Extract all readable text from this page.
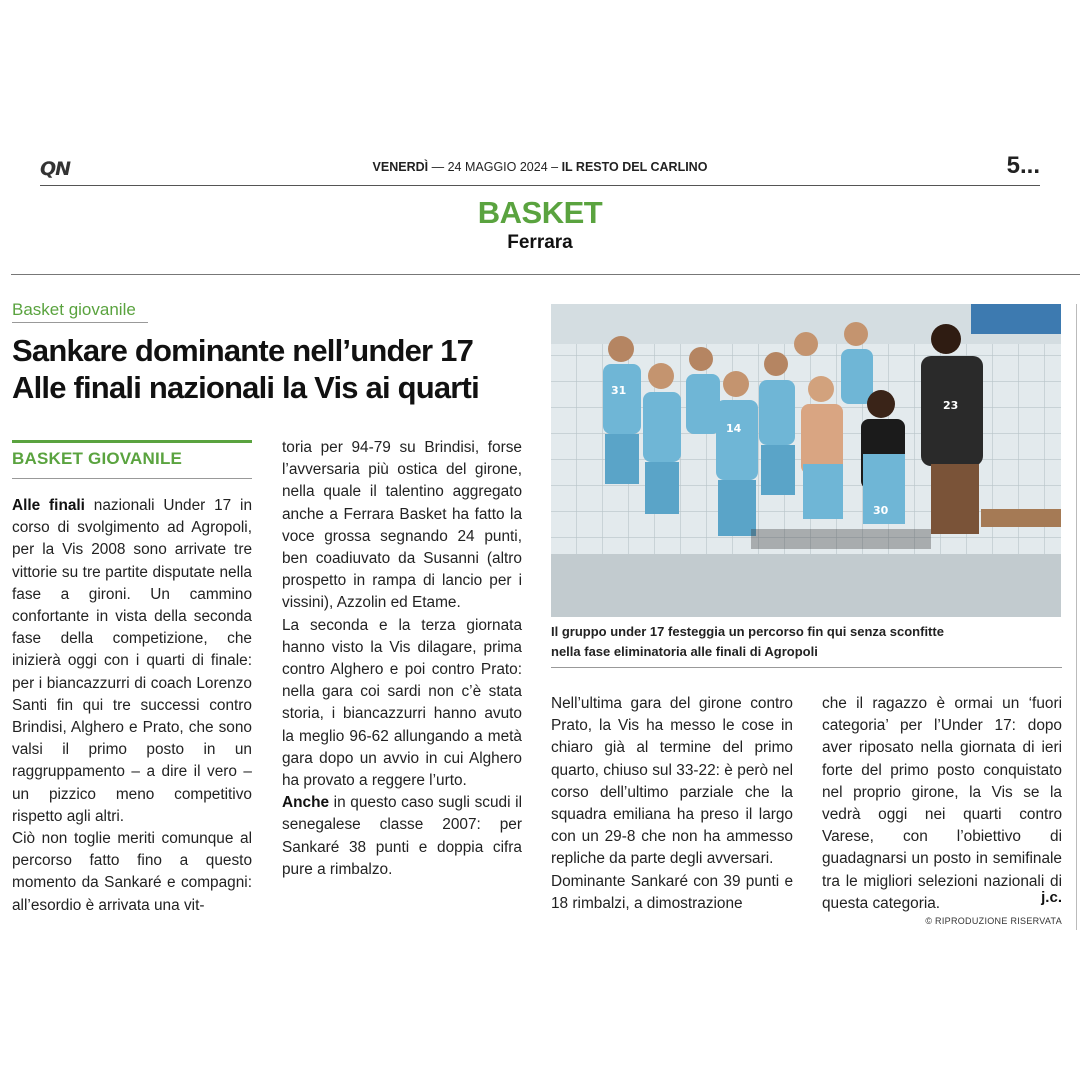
QN	VENERDÌ — 24 MAGGIO 2024 – IL RESTO DEL CARLINO	5...
BASKET
Ferrara
Basket giovanile
Sankare dominante nell’under 17
Alle finali nazionali la Vis ai quarti	31
14
30
23
Il gruppo under 17 festeggia un percorso fin qui senza sconfitte
nella fase eliminatoria alle finali di Agropoli
BASKET GIOVANILE

Alle finali nazionali Under 17 in corso di svolgimento ad Agropoli, per la Vis 2008 sono arrivate tre vittorie su tre partite disputate nella fase a gironi. Un cammino confortante in vista della seconda fase della competizione, che inizierà oggi con i quarti di finale: per i biancazzurri di coach Lorenzo Santi fin qui tre successi contro Brindisi, Alghero e Prato, che sono valsi il primo posto in un raggruppamento – a dire il vero – un pizzico meno competitivo rispetto agli altri.

Ciò non toglie meriti comunque al percorso fatto fino a questo momento da Sankaré e compagni: all’esordio è arrivata una vit-

toria per 94-79 su Brindisi, forse l’avversaria più ostica del girone, nella quale il talentino aggregato anche a Ferrara Basket ha fatto la voce grossa segnando 24 punti, ben coadiuvato da Susanni (altro prospetto in rampa di lancio per i vissini), Azzolin ed Etame.

La seconda e la terza giornata hanno visto la Vis dilagare, prima contro Alghero e poi contro Prato: nella gara coi sardi non c’è stata storia, i biancazzurri hanno avuto la meglio 96-62 allungando a metà gara dopo un avvio in cui Alghero ha provato a reggere l’urto.

Anche in questo caso sugli scudi il senegalese classe 2007: per Sankaré 38 punti e doppia cifra pure a rimbalzo.

Nell’ultima gara del girone contro Prato, la Vis ha messo le cose in chiaro già al termine del primo quarto, chiuso sul 33-22: è però nel corso dell’ultimo parziale che la squadra emiliana ha preso il largo con un 29-8 che non ha ammesso repliche da parte degli avversari.

Dominante Sankaré con 39 punti e 18 rimbalzi, a dimostrazione

che il ragazzo è ormai un ‘fuori categoria’ per l’Under 17: dopo aver riposato nella giornata di ieri forte del primo posto conquistato nel proprio girone, la Vis se la vedrà oggi nei quarti contro Varese, con l’obiettivo di guadagnarsi un posto in semifinale tra le migliori selezioni nazionali di questa categoria.	j.c.
© RIPRODUZIONE RISERVATA
